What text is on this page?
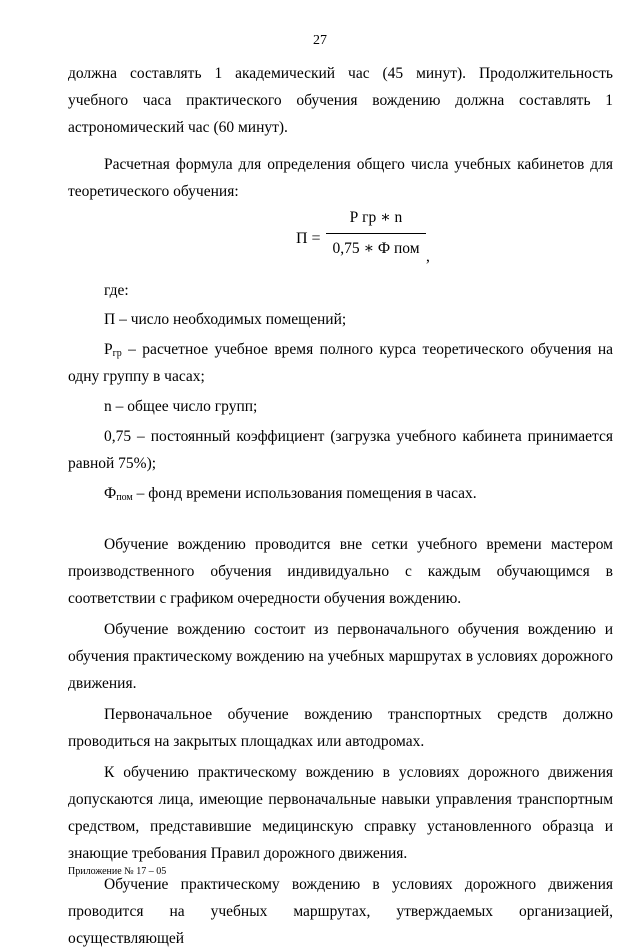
27

должна составлять 1 академический час (45 минут). Продолжительность учебного часа практического обучения вождению должна составлять 1 астрономический час (60 минут).

Расчетная формула для определения общего числа учебных кабинетов для теоретического обучения:

П =
Р гр ∗ n
0,75 ∗ Ф пом ,

где:

П – число необходимых помещений;

$Р_{гр}$ – расчетное учебное время полного курса теоретического обучения на одну группу в часах;

n – общее число групп;

0,75 – постоянный коэффициент (загрузка учебного кабинета принимается равной 75%);

$Ф_{пом}$ – фонд времени использования помещения в часах.

Обучение вождению проводится вне сетки учебного времени мастером производственного обучения индивидуально с каждым обучающимся в соответствии с графиком очередности обучения вождению.

Обучение вождению состоит из первоначального обучения вождению и обучения практическому вождению на учебных маршрутах в условиях дорожного движения.

Первоначальное обучение вождению транспортных средств должно проводиться на закрытых площадках или автодромах.

К обучению практическому вождению в условиях дорожного движения допускаются лица, имеющие первоначальные навыки управления транспортным средством, представившие медицинскую справку установленного образца и знающие требования Правил дорожного движения.

Обучение практическому вождению в условиях дорожного движения проводится на учебных маршрутах, утверждаемых организацией, осуществляющей

Приложение № 17 – 05
